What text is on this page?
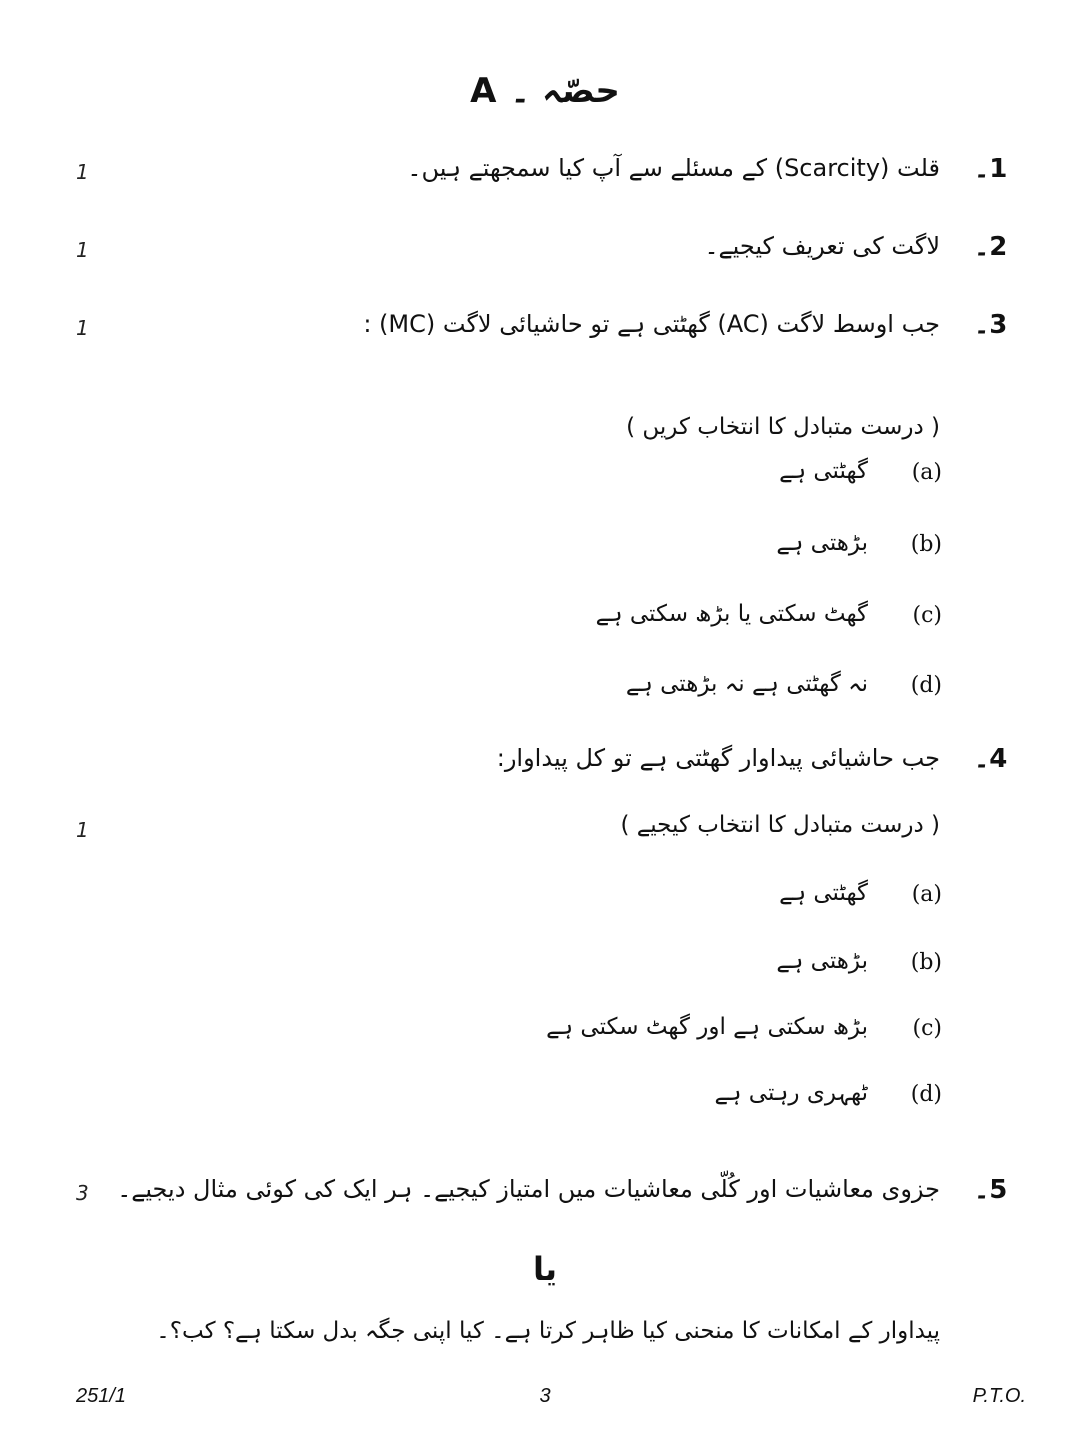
حصّہ ۔ A
1۔
قلت (Scarcity) کے مسئلے سے آپ کیا سمجھتے ہیں۔
1
2۔
لاگت کی تعریف کیجیے۔
1
3۔
جب اوسط لاگت (AC) گھٹتی ہے تو حاشیائی لاگت (MC) :
1
( درست متبادل کا انتخاب کریں )
(a)
گھٹتی ہے
(b)
بڑھتی ہے
(c)
گھٹ سکتی یا بڑھ سکتی ہے
(d)
نہ گھٹتی ہے نہ بڑھتی ہے
4۔
جب حاشیائی پیداوار گھٹتی ہے تو کل پیداوار:
( درست متبادل کا انتخاب کیجیے )
1
(a)
گھٹتی ہے
(b)
بڑھتی ہے
(c)
بڑھ سکتی ہے اور گھٹ سکتی ہے
(d)
ٹھہری رہتی ہے
5۔
جزوی معاشیات اور کُلّی معاشیات میں امتیاز کیجیے۔ ہر ایک کی کوئی مثال دیجیے۔
3
یا
پیداوار کے امکانات کا منحنی کیا ظاہر کرتا ہے۔ کیا اپنی جگہ بدل سکتا ہے؟ کب؟۔
251/1	3	P.T.O.
